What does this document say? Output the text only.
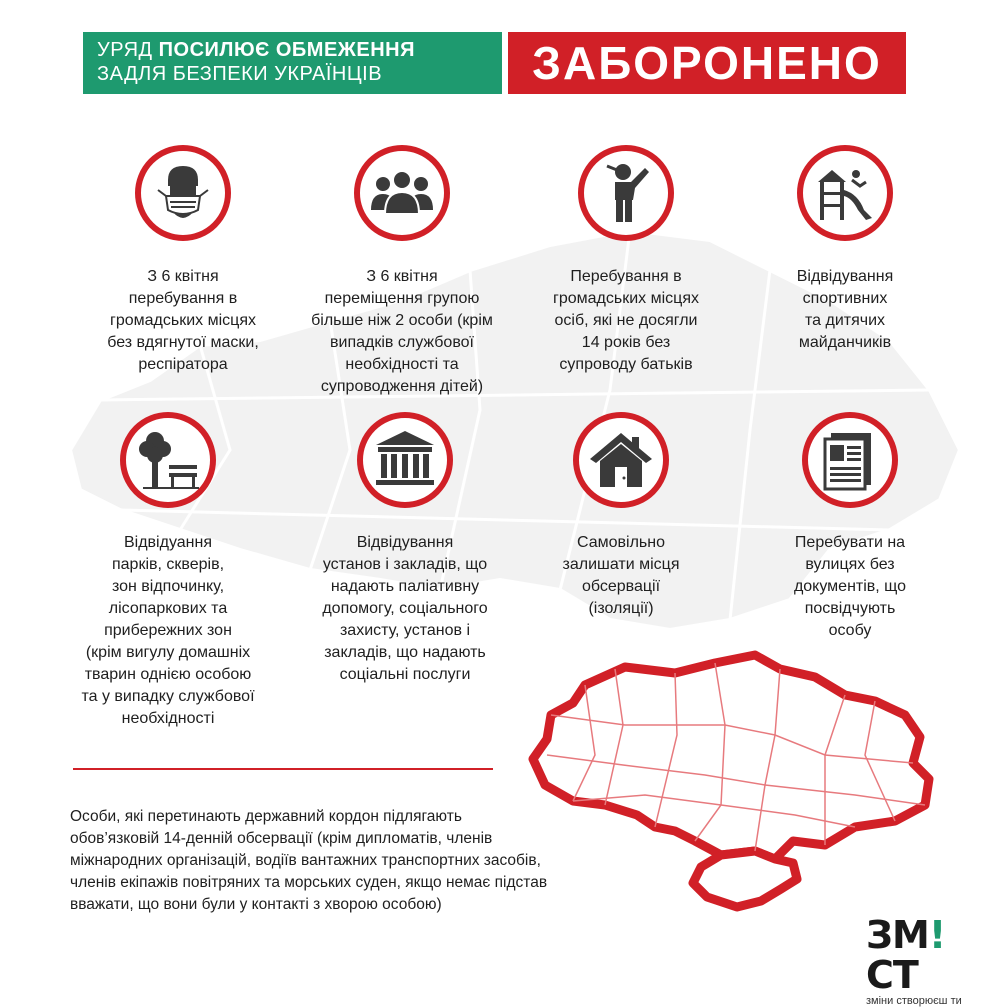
УРЯД ПОСИЛЮЄ ОБМЕЖЕННЯ
ЗАДЛЯ БЕЗПЕКИ УКРАЇНЦІВ	ЗАБОРОНЕНО
З 6 квітня
перебування в
громадських місцях
без вдягнутої маски,
респіратора
З 6 квітня
переміщення групою
більше ніж 2 особи (крім
випадків службової
необхідності та
супроводження дітей)
Перебування в
громадських місцях
осіб, які не досягли
14 років без
супроводу батьків
Відвідування
спортивних
та дитячих
майданчиків
Відвідуання
парків, скверів,
зон відпочинку,
лісопаркових та
прибережних зон
(крім вигулу домашніх
тварин однією особою
та у випадку службової
необхідності
Відвідування
установ і закладів, що
надають паліативну
допомогу, соціального
захисту, установ і
закладів, що надають
соціальні послуги
Самовільно
залишати місця
обсервації
(ізоляції)
Перебувати на
вулицях без
документів, що
посвідчують
особу
Особи, які перетинають державний кордон підлягають
обов’язковій 14-денній обсервації (крім дипломатів, членів
міжнародних організацій, водіїв вантажних транспортних засобів,
членів екіпажів повітряних та морських суден, якщо немає підстав
вважати, що вони були у контакті з хворою особою)
ЗМ!СТ
зміни створюєш ти
